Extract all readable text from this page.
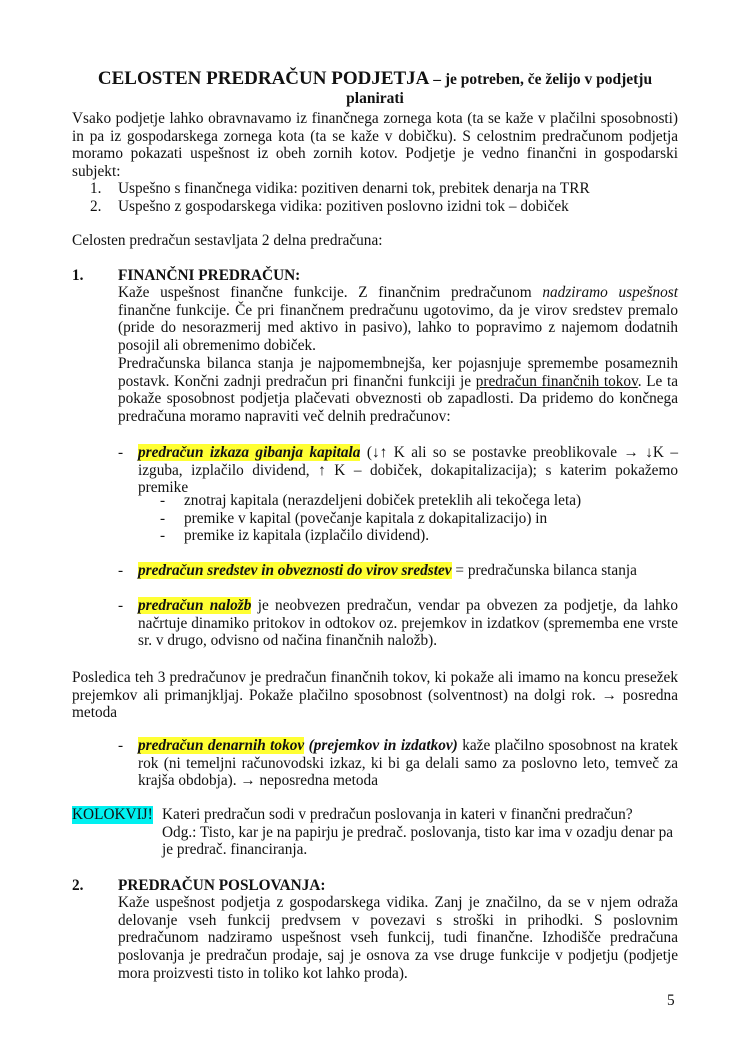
CELOSTEN PREDRAČUN PODJETJA – je potreben, če želijo v podjetju planirati
Vsako podjetje lahko obravnavamo iz finančnega zornega kota (ta se kaže v plačilni sposobnosti) in pa iz gospodarskega zornega kota (ta se kaže v dobičku). S celostnim predračunom podjetja moramo pokazati uspešnost iz obeh zornih kotov. Podjetje je vedno finančni in gospodarski subjekt:
1. Uspešno s finančnega vidika: pozitiven denarni tok, prebitek denarja na TRR
2. Uspešno z gospodarskega vidika: pozitiven poslovno izidni tok – dobiček
Celosten predračun sestavljata 2 delna predračuna:
1. FINANČNI PREDRAČUN:
Kaže uspešnost finančne funkcije. Z finančnim predračunom nadziramo uspešnost finančne funkcije. Če pri finančnem predračunu ugotovimo, da je virov sredstev premalo (pride do nesorazmerij med aktivo in pasivo), lahko to popravimo z najemom dodatnih posojil ali obremenimo dobiček.
Predračunska bilanca stanja je najpomembnejša, ker pojasnjuje spremembe posameznih postavk. Končni zadnji predračun pri finančni funkciji je predračun finančnih tokov. Le ta pokaže sposobnost podjetja plačevati obveznosti ob zapadlosti. Da pridemo do končnega predračuna moramo napraviti več delnih predračunov:
- predračun izkaza gibanja kapitala (↓↑ K ali so se postavke preoblikovale → ↓K – izguba, izplačilo dividend, ↑ K – dobiček, dokapitalizacija); s katerim pokažemo premike
- znotraj kapitala (nerazdeljeni dobiček preteklih ali tekočega leta)
- premike v kapital (povečanje kapitala z dokapitalizacijo) in
- premike iz kapitala (izplačilo dividend).
- predračun sredstev in obveznosti do virov sredstev = predračunska bilanca stanja
- predračun naložb je neobvezen predračun, vendar pa obvezen za podjetje, da lahko načrtuje dinamiko pritokov in odtokov oz. prejemkov in izdatkov (sprememba ene vrste sr. v drugo, odvisno od načina finančnih naložb).
Posledica teh 3 predračunov je predračun finančnih tokov, ki pokaže ali imamo na koncu presežek prejemkov ali primanjkljaj. Pokaže plačilno sposobnost (solventnost) na dolgi rok. → posredna metoda
- predračun denarnih tokov (prejemkov in izdatkov) kaže plačilno sposobnost na kratek rok (ni temeljni računovodski izkaz, ki bi ga delali samo za poslovno leto, temveč za krajša obdobja). → neposredna metoda
KOLOKVIJ! Kateri predračun sodi v predračun poslovanja in kateri v finančni predračun?
Odg.: Tisto, kar je na papirju je predrač. poslovanja, tisto kar ima v ozadju denar pa je predrač. financiranja.
2. PREDRAČUN POSLOVANJA:
Kaže uspešnost podjetja z gospodarskega vidika. Zanj je značilno, da se v njem odraža delovanje vseh funkcij predvsem v povezavi s stroški in prihodki. S poslovnim predračunom nadziramo uspešnost vseh funkcij, tudi finančne. Izhodišče predračuna poslovanja je predračun prodaje, saj je osnova za vse druge funkcije v podjetju (podjetje mora proizvesti tisto in toliko kot lahko proda).
5
